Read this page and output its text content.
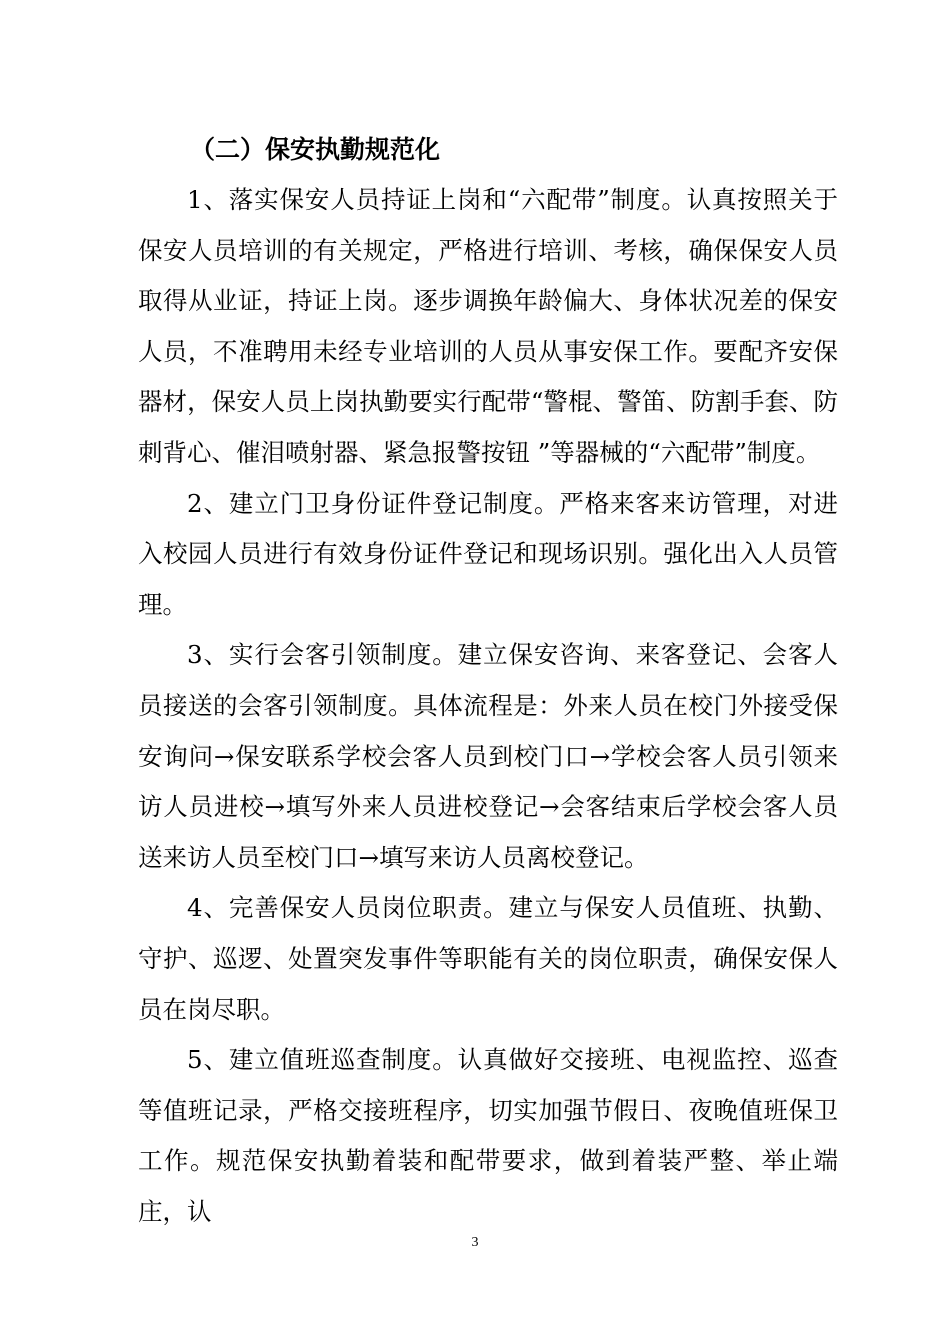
（二）保安执勤规范化

1、落实保安人员持证上岗和“六配带”制度。认真按照关于保安人员培训的有关规定，严格进行培训、考核，确保保安人员取得从业证，持证上岗。逐步调换年龄偏大、身体状况差的保安人员，不准聘用未经专业培训的人员从事安保工作。要配齐安保器材，保安人员上岗执勤要实行配带“警棍、警笛、防割手套、防刺背心、催泪喷射器、紧急报警按钮 ”等器械的“六配带”制度。

2、建立门卫身份证件登记制度。严格来客来访管理，对进入校园人员进行有效身份证件登记和现场识别。强化出入人员管理。

3、实行会客引领制度。建立保安咨询、来客登记、会客人员接送的会客引领制度。具体流程是：外来人员在校门外接受保安询问→保安联系学校会客人员到校门口→学校会客人员引领来访人员进校→填写外来人员进校登记→会客结束后学校会客人员送来访人员至校门口→填写来访人员离校登记。

4、完善保安人员岗位职责。建立与保安人员值班、执勤、守护、巡逻、处置突发事件等职能有关的岗位职责，确保安保人员在岗尽职。

5、建立值班巡查制度。认真做好交接班、电视监控、巡查等值班记录，严格交接班程序，切实加强节假日、夜晚值班保卫工作。规范保安执勤着装和配带要求，做到着装严整、举止端庄，认

3
